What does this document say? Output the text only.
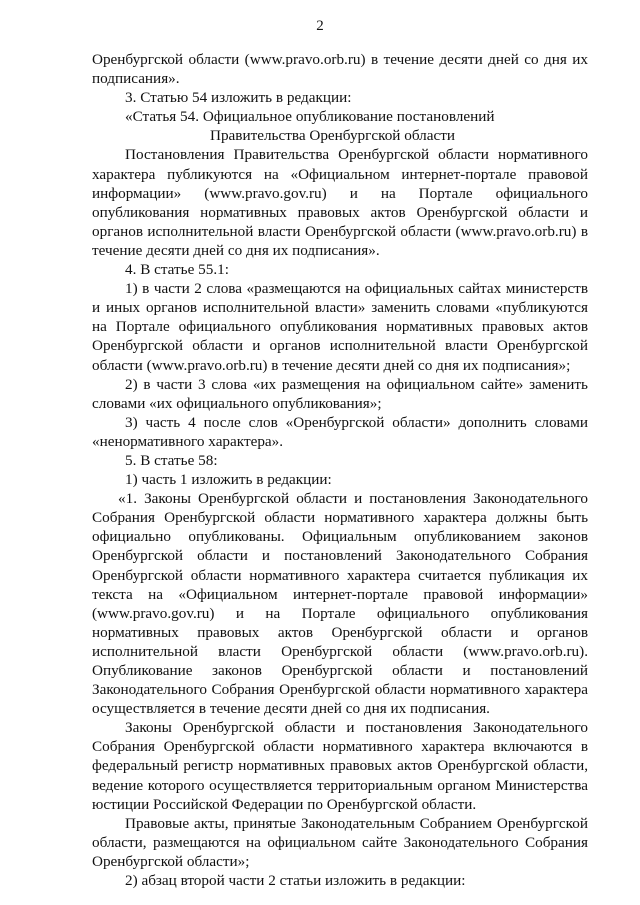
2

Оренбургской области (www.pravo.orb.ru) в течение десяти дней со дня их подписания».

3. Статью 54 изложить в редакции:

«Статья 54. Официальное опубликование постановлений

Правительства Оренбургской области

Постановления Правительства Оренбургской области нормативного характера публикуются на «Официальном интернет-портале правовой информации» (www.pravo.gov.ru) и на Портале официального опубликования нормативных правовых актов Оренбургской области и органов исполнительной власти Оренбургской области (www.pravo.orb.ru) в течение десяти дней со дня их подписания».

4. В статье 55.1:

1) в части 2 слова «размещаются на официальных сайтах министерств и иных органов исполнительной власти» заменить словами «публикуются на Портале официального опубликования нормативных правовых актов Оренбургской области и органов исполнительной власти Оренбургской области (www.pravo.orb.ru) в течение десяти дней со дня их подписания»;

2) в части 3 слова «их размещения на официальном сайте» заменить словами «их официального опубликования»;

3) часть 4 после слов «Оренбургской области» дополнить словами «ненормативного характера».

5. В статье 58:

1) часть 1 изложить в редакции:

«1. Законы Оренбургской области и постановления Законодательного Собрания Оренбургской области нормативного характера должны быть официально опубликованы. Официальным опубликованием законов Оренбургской области и постановлений Законодательного Собрания Оренбургской области нормативного характера считается публикация их текста на «Официальном интернет-портале правовой информации» (www.pravo.gov.ru) и на Портале официального опубликования нормативных правовых актов Оренбургской области и органов исполнительной власти Оренбургской области (www.pravo.orb.ru). Опубликование законов Оренбургской области и постановлений Законодательного Собрания Оренбургской области нормативного характера осуществляется в течение десяти дней со дня их подписания.

Законы Оренбургской области и постановления Законодательного Собрания Оренбургской области нормативного характера включаются в федеральный регистр нормативных правовых актов Оренбургской области, ведение которого осуществляется территориальным органом Министерства юстиции Российской Федерации по Оренбургской области.

Правовые акты, принятые Законодательным Собранием Оренбургской области, размещаются на официальном сайте Законодательного Собрания Оренбургской области»;

2) абзац второй части 2 статьи изложить в редакции:
